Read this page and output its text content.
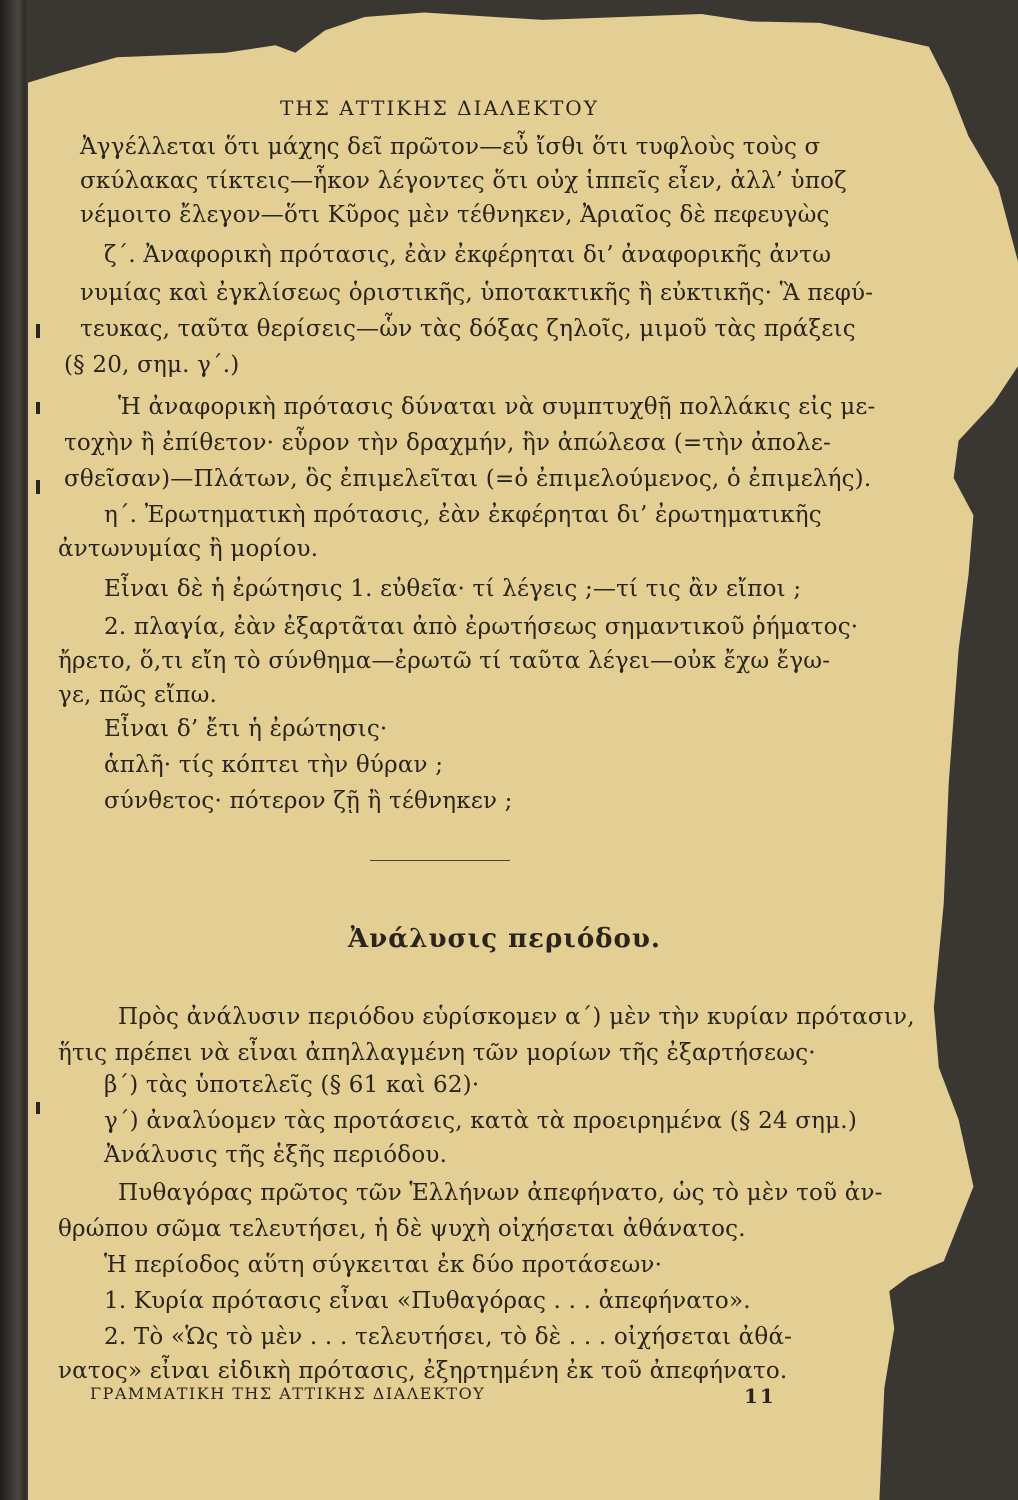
ΤΗΣ ΑΤΤΙΚΗΣ ΔΙΑΛΕΚΤΟΥ
Ἀγγέλλεται ὅτι μάχης δεῖ πρῶτον—εὖ ἴσθι ὅτι τυφλοὺς τοὺς σ
σκύλακας τίκτεις—ἧκον λέγοντες ὅτι οὐχ ἱππεῖς εἶεν, ἀλλ’ ὑποζ
νέμοιτο ἔλεγον—ὅτι Κῦρος μὲν τέθνηκεν, Ἀριαῖος δὲ πεφευγὼς
ζ΄. Ἀναφορικὴ πρότασις, ἐὰν ἐκφέρηται δι’ ἀναφορικῆς ἀντω
νυμίας καὶ ἐγκλίσεως ὁριστικῆς, ὑποτακτικῆς ἢ εὐκτικῆς· Ἃ πεφύ-
τευκας, ταῦτα θερίσεις—ὧν τὰς δόξας ζηλοῖς, μιμοῦ τὰς πράξεις
(§ 20, σημ. γ΄.)
Ἡ ἀναφορικὴ πρότασις δύναται νὰ συμπτυχθῇ πολλάκις εἰς με-
τοχὴν ἢ ἐπίθετον· εὗρον τὴν δραχμήν, ἣν ἀπώλεσα (=τὴν ἀπολε-
σθεῖσαν)—Πλάτων, ὃς ἐπιμελεῖται (=ὁ ἐπιμελούμενος, ὁ ἐπιμελής).
η΄. Ἐρωτηματικὴ πρότασις, ἐὰν ἐκφέρηται δι’ ἐρωτηματικῆς
ἀντωνυμίας ἢ μορίου.
Εἶναι δὲ ἡ ἐρώτησις 1. εὐθεῖα· τί λέγεις ;—τί τις ἂν εἴποι ;
2. πλαγία, ἐὰν ἐξαρτᾶται ἀπὸ ἐρωτήσεως σημαντικοῦ ῥήματος·
ἤρετο, ὅ,τι εἴη τὸ σύνθημα—ἐρωτῶ τί ταῦτα λέγει—οὐκ ἔχω ἔγω-
γε, πῶς εἴπω.
Εἶναι δ’ ἔτι ἡ ἐρώτησις·
ἁπλῆ· τίς κόπτει τὴν θύραν ;
σύνθετος· πότερον ζῇ ἢ τέθνηκεν ;
Ἀνάλυσις περιόδου.
Πρὸς ἀνάλυσιν περιόδου εὑρίσκομεν α΄) μὲν τὴν κυρίαν πρότασιν,
ἥτις πρέπει νὰ εἶναι ἀπηλλαγμένη τῶν μορίων τῆς ἐξαρτήσεως·
β΄) τὰς ὑποτελεῖς (§ 61 καὶ 62)·
γ΄) ἀναλύομεν τὰς προτάσεις, κατὰ τὰ προειρημένα (§ 24 σημ.)
Ἀνάλυσις τῆς ἑξῆς περιόδου.
Πυθαγόρας πρῶτος τῶν Ἑλλήνων ἀπεφήνατο, ὡς τὸ μὲν τοῦ ἀν-
θρώπου σῶμα τελευτήσει, ἡ δὲ ψυχὴ οἰχήσεται ἀθάνατος.
Ἡ περίοδος αὕτη σύγκειται ἐκ δύο προτάσεων·
1. Κυρία πρότασις εἶναι «Πυθαγόρας . . . ἀπεφήνατο».
2. Τὸ «Ὡς τὸ μὲν . . . τελευτήσει, τὸ δὲ . . . οἰχήσεται ἀθά-
νατος» εἶναι εἰδικὴ πρότασις, ἐξηρτημένη ἐκ τοῦ ἀπεφήνατο.
ΓΡΑΜΜΑΤΙΚΗ ΤΗΣ ΑΤΤΙΚΗΣ ΔΙΑΛΕΚΤΟΥ	11
